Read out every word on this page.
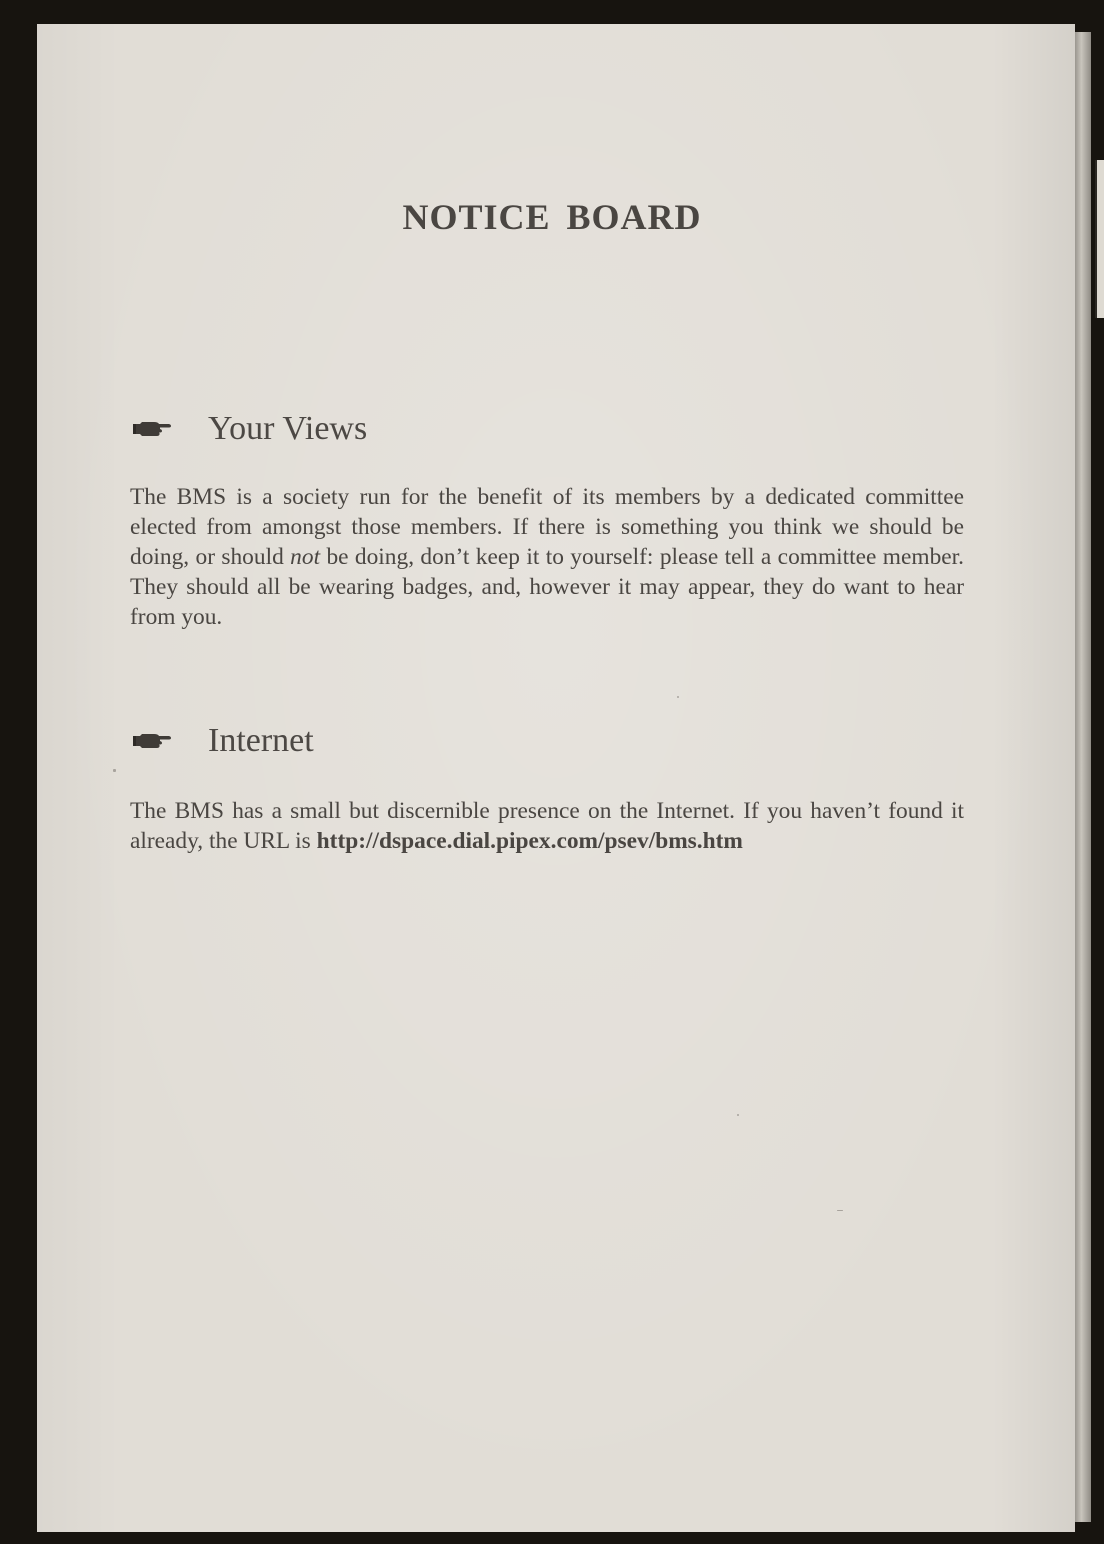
NOTICE BOARD
Your Views

The BMS is a society run for the benefit of its members by a dedicated committee elected from amongst those members. If there is something you think we should be doing, or should not be doing, don’t keep it to yourself: please tell a committee member. They should all be wearing badges, and, however it may appear, they do want to hear from you.

Internet

The BMS has a small but discernible presence on the Internet. If you haven’t found it already, the URL is http://dspace.dial.pipex.com/psev/bms.htm
